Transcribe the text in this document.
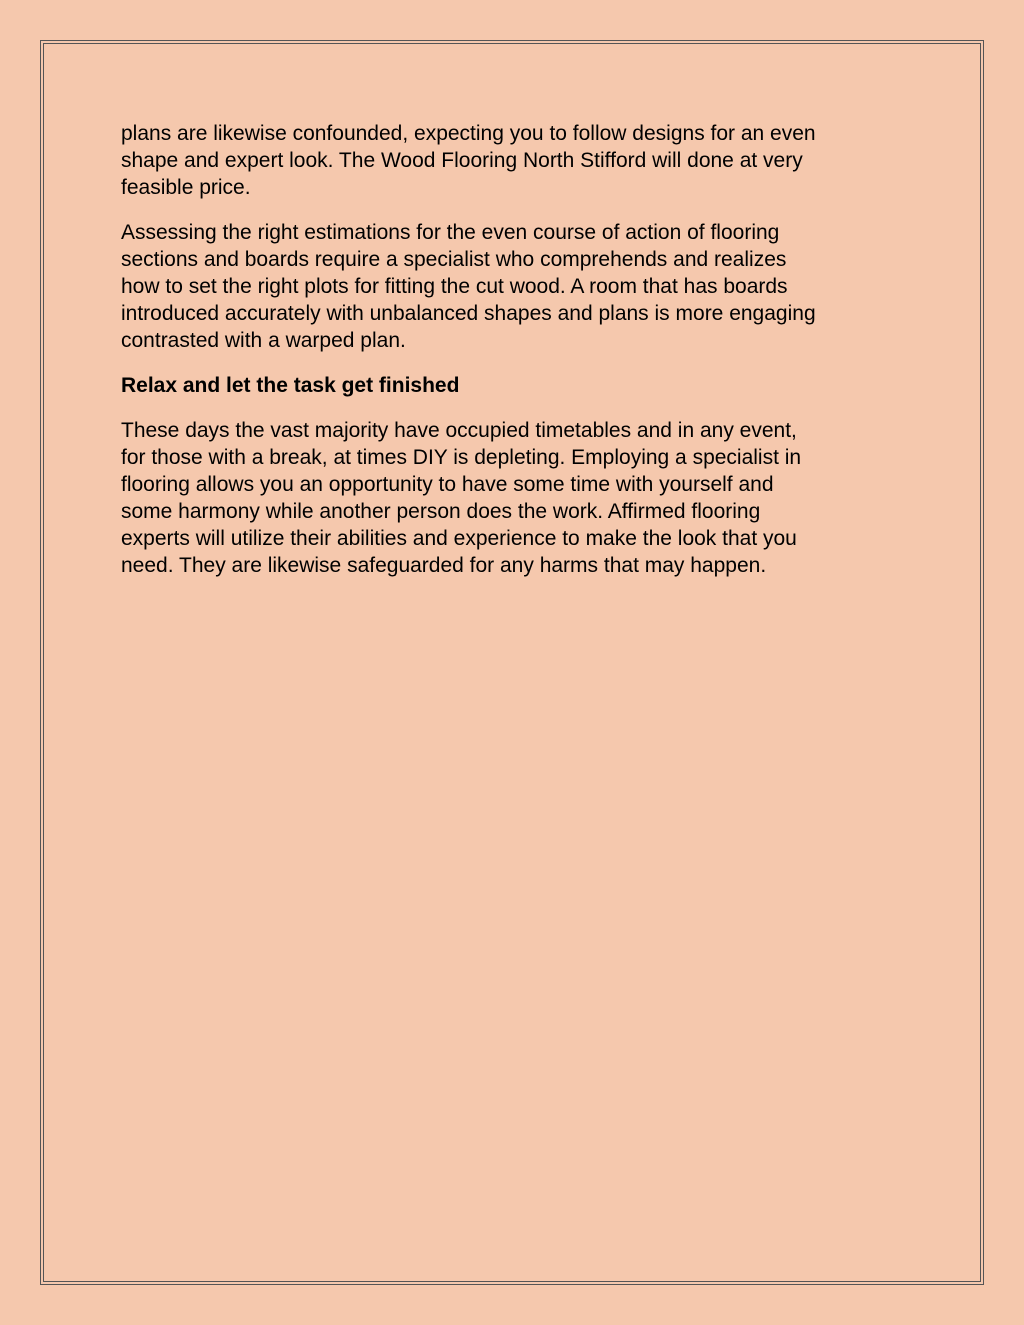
plans are likewise confounded, expecting you to follow designs for an even
shape and expert look. The Wood Flooring North Stifford will done at very
feasible price.

Assessing the right estimations for the even course of action of flooring
sections and boards require a specialist who comprehends and realizes
how to set the right plots for fitting the cut wood. A room that has boards
introduced accurately with unbalanced shapes and plans is more engaging
contrasted with a warped plan.

Relax and let the task get finished

These days the vast majority have occupied timetables and in any event,
for those with a break, at times DIY is depleting. Employing a specialist in
flooring allows you an opportunity to have some time with yourself and
some harmony while another person does the work. Affirmed flooring
experts will utilize their abilities and experience to make the look that you
need. They are likewise safeguarded for any harms that may happen.
